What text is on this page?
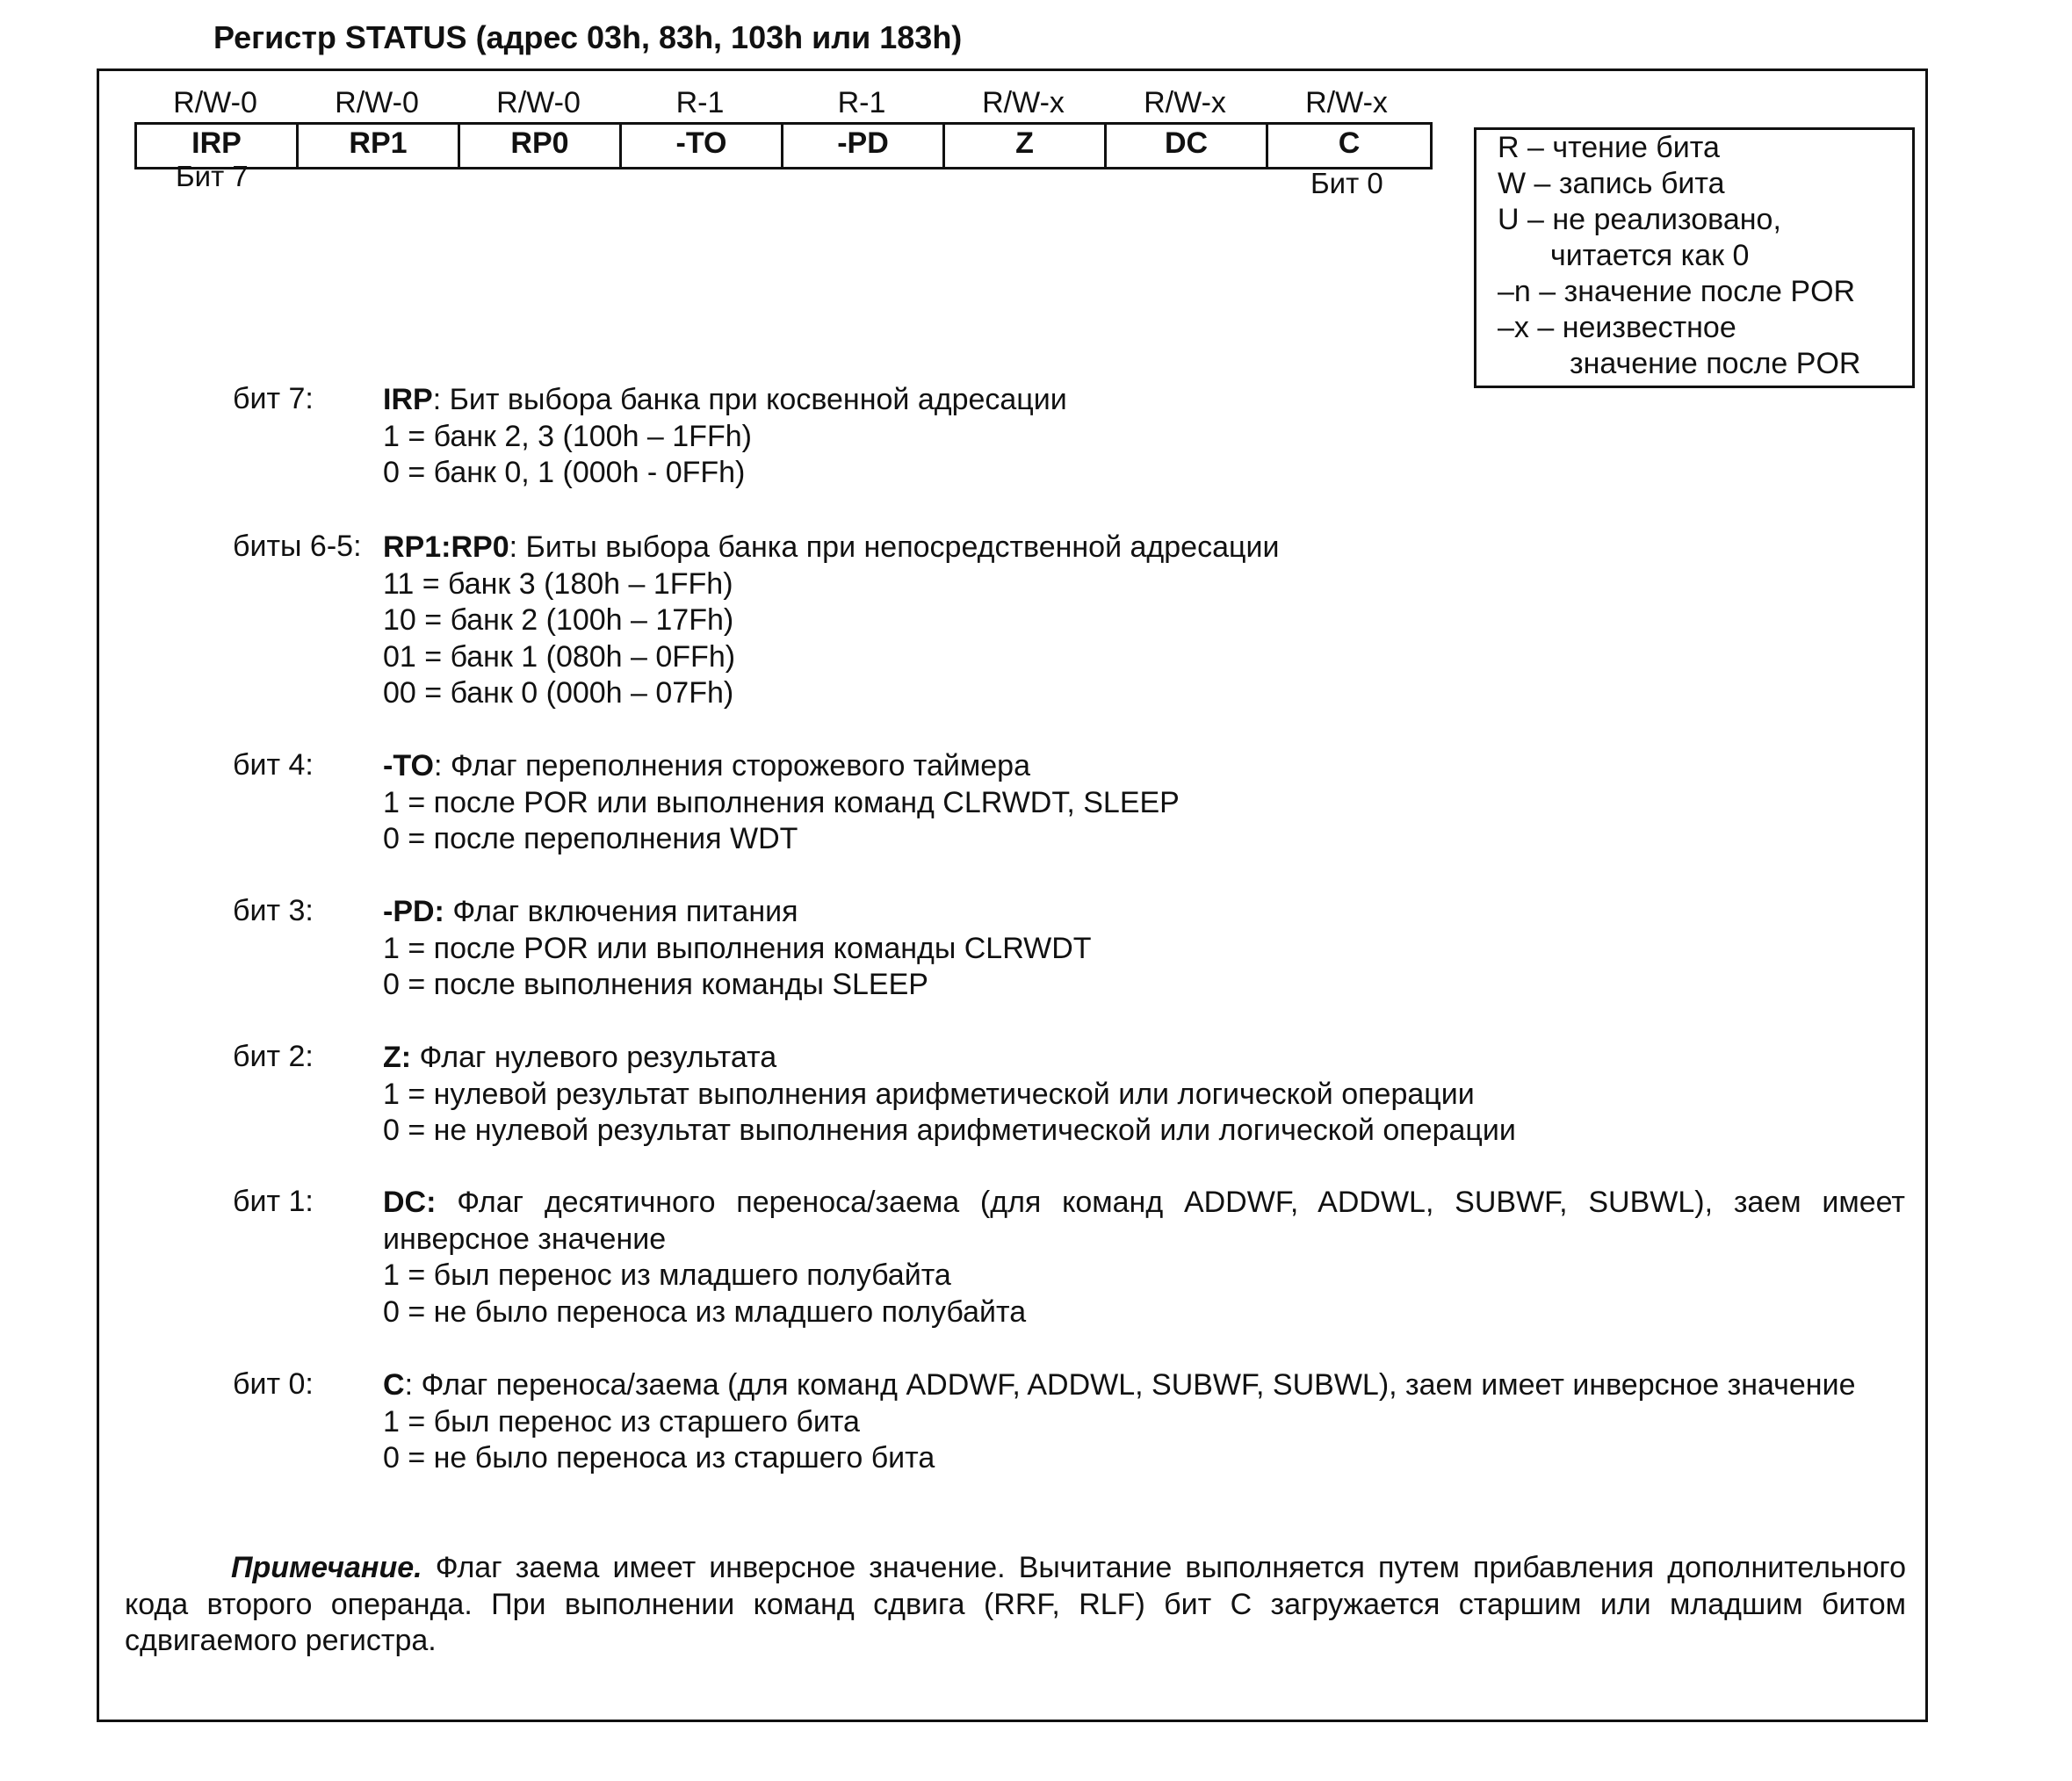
Регистр STATUS (адрес 03h, 83h, 103h или 183h)
R/W-0	R/W-0	R/W-0	R-1	R-1	R/W-x	R/W-x	R/W-x
IRP	RP1	RP0	-TO	-PD	Z	DC	C
Бит 7	Бит 0
R – чтение бита
W – запись бита
U – не реализовано,
читается как 0
–n – значение после POR
–x – неизвестное
значение после POR
бит 7: IRP: Бит выбора банка при косвенной адресации
1 = банк 2, 3 (100h – 1FFh)
0 = банк 0, 1 (000h - 0FFh)
биты 6-5: RP1:RP0: Биты выбора банка при непосредственной адресации
11 = банк 3 (180h – 1FFh)
10 = банк 2 (100h – 17Fh)
01 = банк 1 (080h – 0FFh)
00 = банк 0 (000h – 07Fh)
бит 4: -TO: Флаг переполнения сторожевого таймера
1 = после POR или выполнения команд CLRWDT, SLEEP
0 = после переполнения WDT
бит 3: -PD: Флаг включения питания
1 = после POR или выполнения команды CLRWDT
0 = после выполнения команды SLEEP
бит 2: Z: Флаг нулевого результата
1 = нулевой результат выполнения арифметической или логической операции
0 = не нулевой результат выполнения арифметической или логической операции
бит 1: DC: Флаг десятичного переноса/заема (для команд ADDWF, ADDWL, SUBWF, SUBWL), заем имеет инверсное значение
1 = был перенос из младшего полубайта
0 = не было переноса из младшего полубайта
бит 0: C: Флаг переноса/заема (для команд ADDWF, ADDWL, SUBWF, SUBWL), заем имеет инверсное значение
1 = был перенос из старшего бита
0 = не было переноса из старшего бита
Примечание. Флаг заема имеет инверсное значение. Вычитание выполняется путем прибавления дополнительного кода второго операнда. При выполнении команд сдвига (RRF, RLF) бит С загружается старшим или младшим битом сдвигаемого регистра.
